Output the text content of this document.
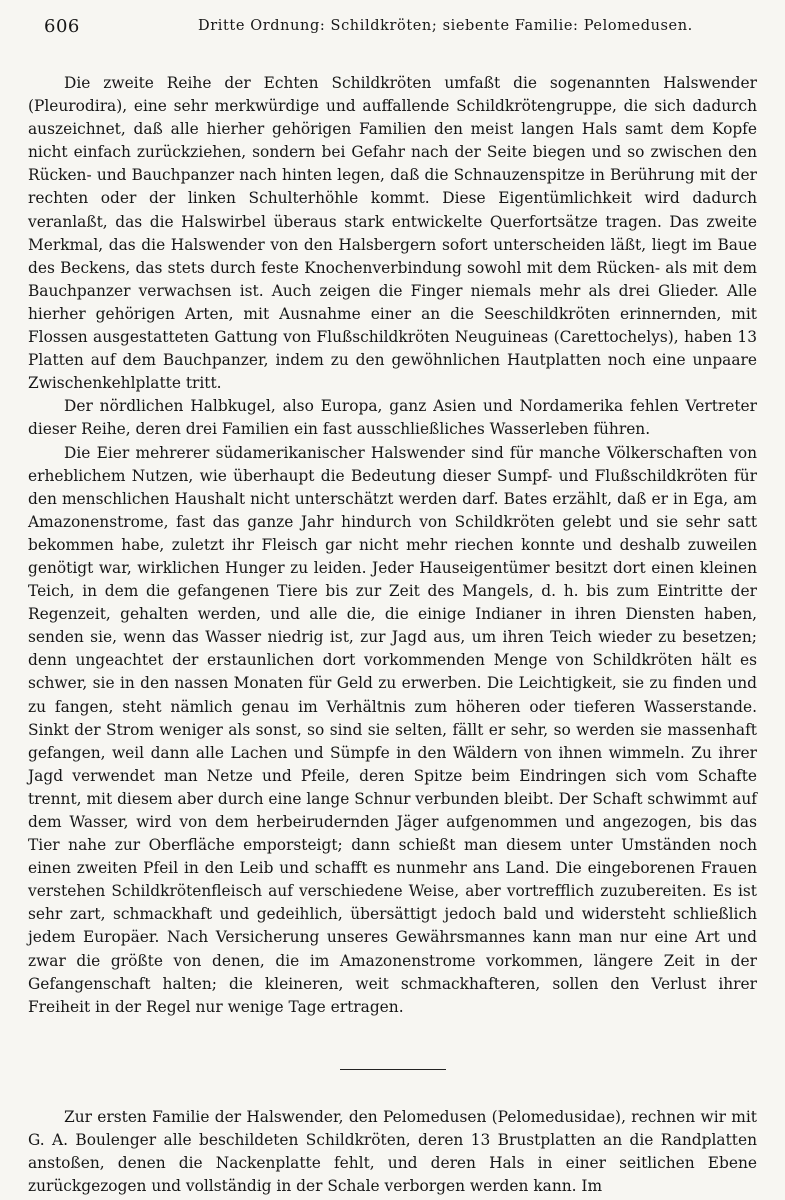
606	Dritte Ordnung: Schildkröten; siebente Familie: Pelomedusen.

Die zweite Reihe der Echten Schildkröten umfaßt die sogenannten Halswender (Pleurodira), eine sehr merkwürdige und auffallende Schildkrötengruppe, die sich dadurch auszeichnet, daß alle hierher gehörigen Familien den meist langen Hals samt dem Kopfe nicht einfach zurückziehen, sondern bei Gefahr nach der Seite biegen und so zwischen den Rücken- und Bauchpanzer nach hinten legen, daß die Schnauzenspitze in Berührung mit der rechten oder der linken Schulterhöhle kommt. Diese Eigentümlichkeit wird dadurch veranlaßt, das die Halswirbel überaus stark entwickelte Querfortsätze tragen. Das zweite Merkmal, das die Halswender von den Halsbergern sofort unterscheiden läßt, liegt im Baue des Beckens, das stets durch feste Knochenverbindung sowohl mit dem Rücken- als mit dem Bauchpanzer verwachsen ist. Auch zeigen die Finger niemals mehr als drei Glieder. Alle hierher gehörigen Arten, mit Ausnahme einer an die Seeschildkröten erinnernden, mit Flossen ausgestatteten Gattung von Flußschildkröten Neuguineas (Carettochelys), haben 13 Platten auf dem Bauchpanzer, indem zu den gewöhnlichen Hautplatten noch eine unpaare Zwischenkehlplatte tritt.

Der nördlichen Halbkugel, also Europa, ganz Asien und Nordamerika fehlen Vertreter dieser Reihe, deren drei Familien ein fast ausschließliches Wasserleben führen.

Die Eier mehrerer südamerikanischer Halswender sind für manche Völkerschaften von erheblichem Nutzen, wie überhaupt die Bedeutung dieser Sumpf- und Flußschildkröten für den menschlichen Haushalt nicht unterschätzt werden darf. Bates erzählt, daß er in Ega, am Amazonenstrome, fast das ganze Jahr hindurch von Schildkröten gelebt und sie sehr satt bekommen habe, zuletzt ihr Fleisch gar nicht mehr riechen konnte und deshalb zuweilen genötigt war, wirklichen Hunger zu leiden. Jeder Hauseigentümer besitzt dort einen kleinen Teich, in dem die gefangenen Tiere bis zur Zeit des Mangels, d. h. bis zum Eintritte der Regenzeit, gehalten werden, und alle die, die einige Indianer in ihren Diensten haben, senden sie, wenn das Wasser niedrig ist, zur Jagd aus, um ihren Teich wieder zu besetzen; denn ungeachtet der erstaunlichen dort vorkommenden Menge von Schildkröten hält es schwer, sie in den nassen Monaten für Geld zu erwerben. Die Leichtigkeit, sie zu finden und zu fangen, steht nämlich genau im Verhältnis zum höheren oder tieferen Wasserstande. Sinkt der Strom weniger als sonst, so sind sie selten, fällt er sehr, so werden sie massenhaft gefangen, weil dann alle Lachen und Sümpfe in den Wäldern von ihnen wimmeln. Zu ihrer Jagd verwendet man Netze und Pfeile, deren Spitze beim Eindringen sich vom Schafte trennt, mit diesem aber durch eine lange Schnur verbunden bleibt. Der Schaft schwimmt auf dem Wasser, wird von dem herbeirudernden Jäger aufgenommen und angezogen, bis das Tier nahe zur Oberfläche emporsteigt; dann schießt man diesem unter Umständen noch einen zweiten Pfeil in den Leib und schafft es nunmehr ans Land. Die eingeborenen Frauen verstehen Schildkrötenfleisch auf verschiedene Weise, aber vortrefflich zuzubereiten. Es ist sehr zart, schmackhaft und gedeihlich, übersättigt jedoch bald und widersteht schließlich jedem Europäer. Nach Versicherung unseres Gewährsmannes kann man nur eine Art und zwar die größte von denen, die im Amazonenstrome vorkommen, längere Zeit in der Gefangenschaft halten; die kleineren, weit schmackhafteren, sollen den Verlust ihrer Freiheit in der Regel nur wenige Tage ertragen.

Zur ersten Familie der Halswender, den Pelomedusen (Pelomedusidae), rechnen wir mit G. A. Boulenger alle beschildeten Schildkröten, deren 13 Brustplatten an die Randplatten anstoßen, denen die Nackenplatte fehlt, und deren Hals in einer seitlichen Ebene zurückgezogen und vollständig in der Schale verborgen werden kann. Im
